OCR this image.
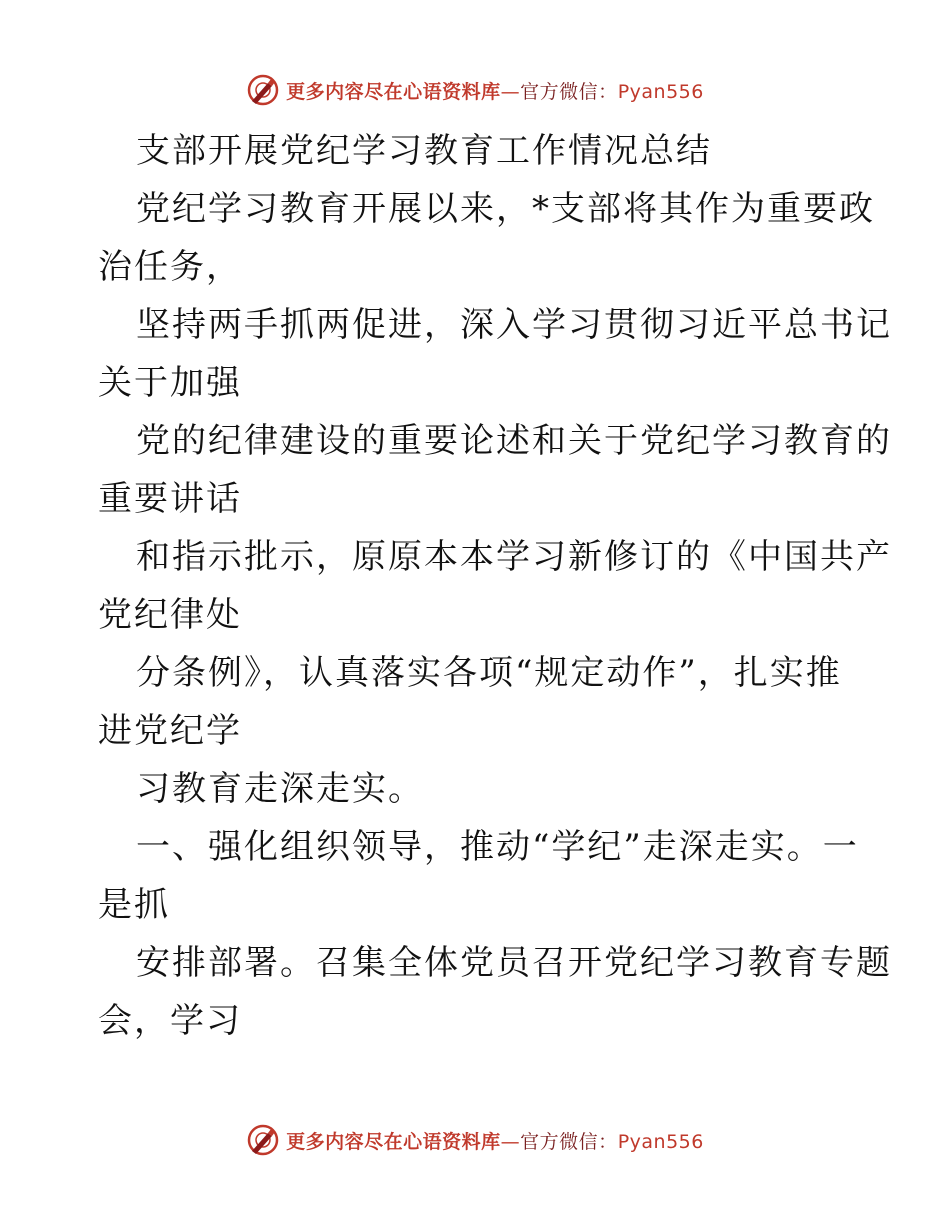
更多内容尽在心语资料库—官方微信：Pyan556
支部开展党纪学习教育工作情况总结
党纪学习教育开展以来，*支部将其作为重要政
治任务，
坚持两手抓两促进，深入学习贯彻习近平总书记
关于加强
党的纪律建设的重要论述和关于党纪学习教育的
重要讲话
和指示批示，原原本本学习新修订的《中国共产
党纪律处
分条例》，认真落实各项“规定动作”，扎实推
进党纪学
习教育走深走实。
一、强化组织领导，推动“学纪”走深走实。一
是抓
安排部署。召集全体党员召开党纪学习教育专题
会，学习
更多内容尽在心语资料库—官方微信：Pyan556
